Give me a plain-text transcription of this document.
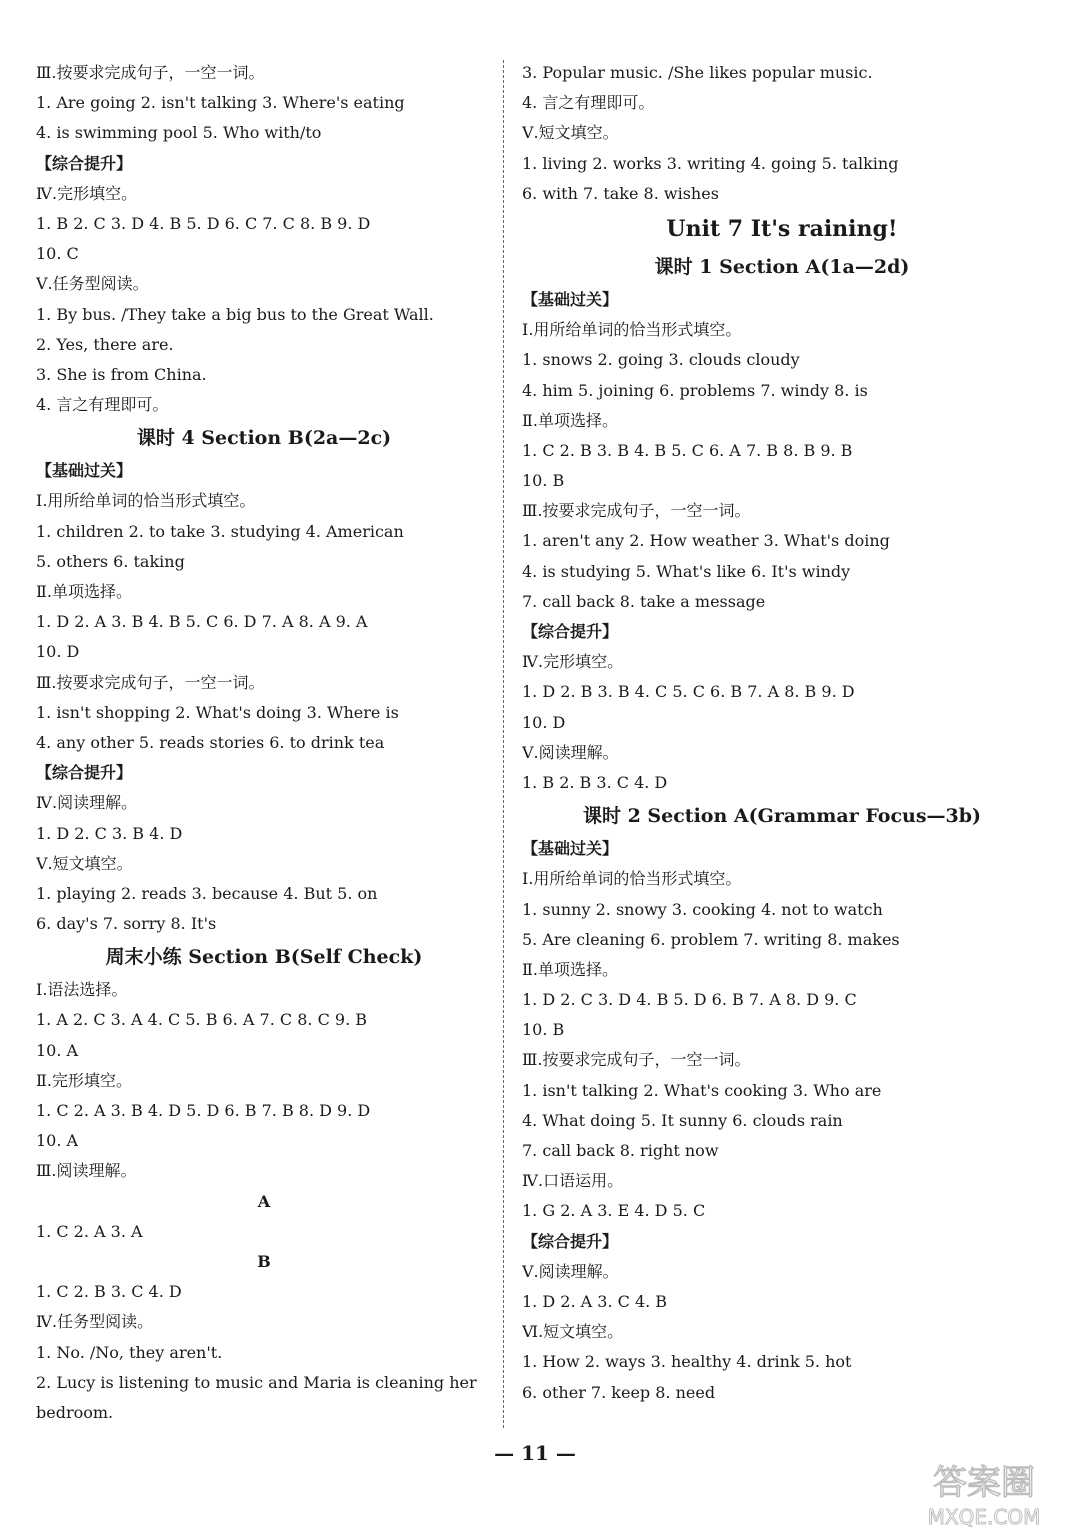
Ⅲ.按要求完成句子，一空一词。
1. Are going 2. isn't talking 3. Where's eating
4. is swimming pool 5. Who with/to
【综合提升】
Ⅳ.完形填空。
1. B 2. C 3. D 4. B 5. D 6. C 7. C 8. B 9. D
10. C
Ⅴ.任务型阅读。
1. By bus. /They take a big bus to the Great Wall.
2. Yes, there are.
3. She is from China.
4. 言之有理即可。
课时 4 Section B(2a—2c)
【基础过关】
Ⅰ.用所给单词的恰当形式填空。
1. children 2. to take 3. studying 4. American
5. others 6. taking
Ⅱ.单项选择。
1. D 2. A 3. B 4. B 5. C 6. D 7. A 8. A 9. A
10. D
Ⅲ.按要求完成句子，一空一词。
1. isn't shopping 2. What's doing 3. Where is
4. any other 5. reads stories 6. to drink tea
【综合提升】
Ⅳ.阅读理解。
1. D 2. C 3. B 4. D
Ⅴ.短文填空。
1. playing 2. reads 3. because 4. But 5. on
6. day's 7. sorry 8. It's
周末小练 Section B(Self Check)
Ⅰ.语法选择。
1. A 2. C 3. A 4. C 5. B 6. A 7. C 8. C 9. B
10. A
Ⅱ.完形填空。
1. C 2. A 3. B 4. D 5. D 6. B 7. B 8. D 9. D
10. A
Ⅲ.阅读理解。
A
1. C 2. A 3. A
B
1. C 2. B 3. C 4. D
Ⅳ.任务型阅读。
1. No. /No, they aren't.
2. Lucy is listening to music and Maria is cleaning her bedroom.
3. Popular music. /She likes popular music.
4. 言之有理即可。
Ⅴ.短文填空。
1. living 2. works 3. writing 4. going 5. talking
6. with 7. take 8. wishes
Unit 7 It's raining!
课时 1 Section A(1a—2d)
【基础过关】
Ⅰ.用所给单词的恰当形式填空。
1. snows 2. going 3. clouds cloudy
4. him 5. joining 6. problems 7. windy 8. is
Ⅱ.单项选择。
1. C 2. B 3. B 4. B 5. C 6. A 7. B 8. B 9. B
10. B
Ⅲ.按要求完成句子，一空一词。
1. aren't any 2. How weather 3. What's doing
4. is studying 5. What's like 6. It's windy
7. call back 8. take a message
【综合提升】
Ⅳ.完形填空。
1. D 2. B 3. B 4. C 5. C 6. B 7. A 8. B 9. D
10. D
Ⅴ.阅读理解。
1. B 2. B 3. C 4. D
课时 2 Section A(Grammar Focus—3b)
【基础过关】
Ⅰ.用所给单词的恰当形式填空。
1. sunny 2. snowy 3. cooking 4. not to watch
5. Are cleaning 6. problem 7. writing 8. makes
Ⅱ.单项选择。
1. D 2. C 3. D 4. B 5. D 6. B 7. A 8. D 9. C
10. B
Ⅲ.按要求完成句子，一空一词。
1. isn't talking 2. What's cooking 3. Who are
4. What doing 5. It sunny 6. clouds rain
7. call back 8. right now
Ⅳ.口语运用。
1. G 2. A 3. E 4. D 5. C
【综合提升】
Ⅴ.阅读理解。
1. D 2. A 3. C 4. B
Ⅵ.短文填空。
1. How 2. ways 3. healthy 4. drink 5. hot
6. other 7. keep 8. need
— 11 —
答案圈
MXQE.COM
